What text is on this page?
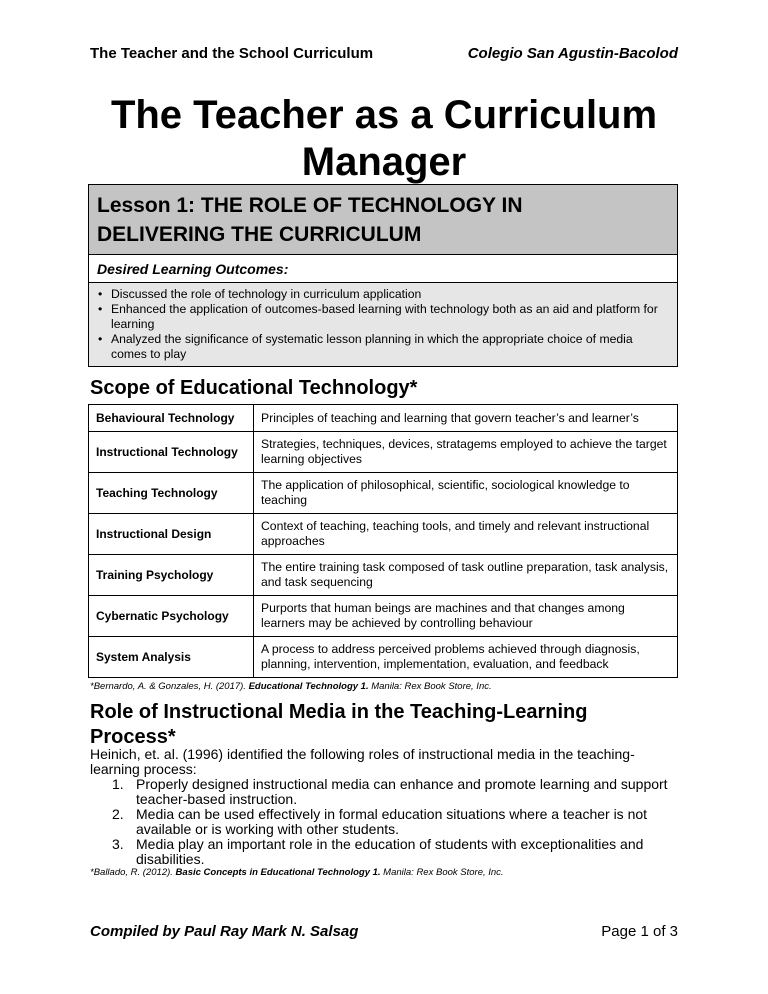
The Teacher and the School Curriculum	Colegio San Agustin-Bacolod
The Teacher as a Curriculum
Manager
Lesson 1: THE ROLE OF TECHNOLOGY IN
DELIVERING THE CURRICULUM
Desired Learning Outcomes:
• Discussed the role of technology in curriculum application
• Enhanced the application of outcomes-based learning with technology both as an aid and platform for learning
• Analyzed the significance of systematic lesson planning in which the appropriate choice of media comes to play
Scope of Educational Technology*
Behavioural Technology	Principles of teaching and learning that govern teacher’s and learner’s
Instructional Technology	Strategies, techniques, devices, stratagems employed to achieve the target learning objectives
Teaching Technology	The application of philosophical, scientific, sociological knowledge to teaching
Instructional Design	Context of teaching, teaching tools, and timely and relevant instructional approaches
Training Psychology	The entire training task composed of task outline preparation, task analysis, and task sequencing
Cybernatic Psychology	Purports that human beings are machines and that changes among learners may be achieved by controlling behaviour
System Analysis	A process to address perceived problems achieved through diagnosis, planning, intervention, implementation, evaluation, and feedback
*Bernardo, A. & Gonzales, H. (2017). Educational Technology 1. Manila: Rex Book Store, Inc.
Role of Instructional Media in the Teaching-Learning Process*
Heinich, et. al. (1996) identified the following roles of instructional media in the teaching-learning process:
1. Properly designed instructional media can enhance and promote learning and support teacher-based instruction.
2. Media can be used effectively in formal education situations where a teacher is not available or is working with other students.
3. Media play an important role in the education of students with exceptionalities and disabilities.
*Ballado, R. (2012). Basic Concepts in Educational Technology 1. Manila: Rex Book Store, Inc.
Compiled by Paul Ray Mark N. Salsag	Page 1 of 3
